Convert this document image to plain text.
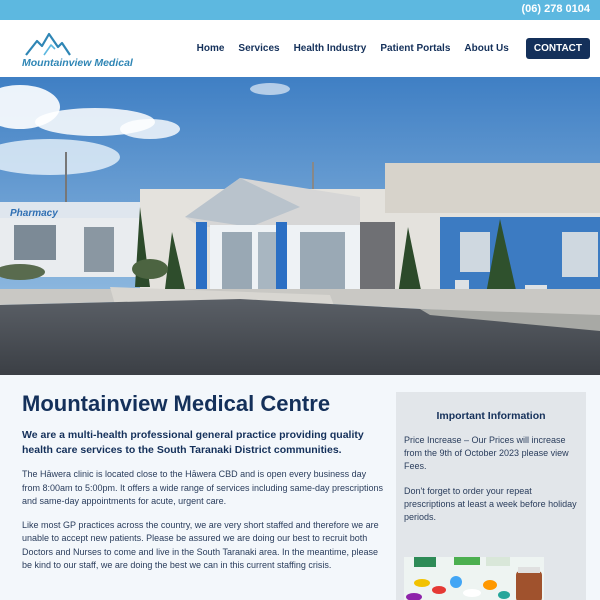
(06) 278 0104
Mountainview Medical
Home Services Health Industry Patient Portals About Us	CONTACT
Pharmacy
Mountainview Medical Centre

We are a multi-health professional general practice providing quality health care services to the South Taranaki District communities.

The Hāwera clinic is located close to the Hāwera CBD and is open every business day from 8:00am to 5:00pm. It offers a wide range of services including same-day prescriptions and same-day appointments for acute, urgent care.

Like most GP practices across the country, we are very short staffed and therefore we are unable to accept new patients. Please be assured we are doing our best to recruit both Doctors and Nurses to come and live in the South Taranaki area. In the meantime, please be kind to our staff, we are doing the best we can in this current staffing crisis.

Important Information

Price Increase – Our Prices will increase from the 9th of October 2023 please view Fees.

Don't forget to order your repeat prescriptions at least a week before holiday periods.
